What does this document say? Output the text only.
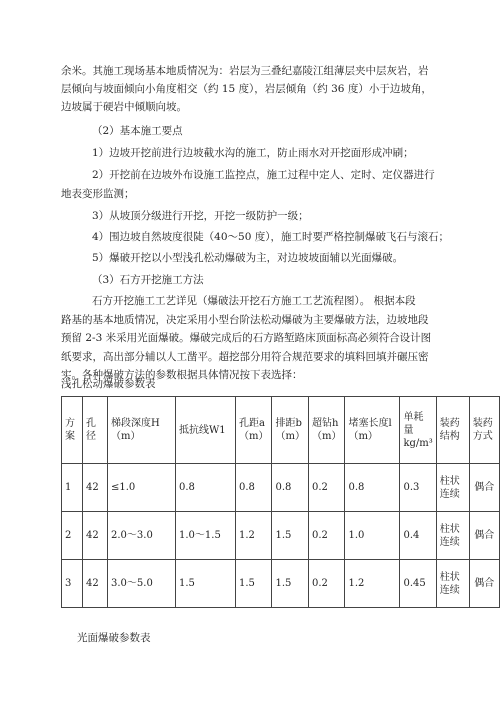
余米。其施工现场基本地质情况为：岩层为三叠纪嘉陵江组薄层夹中层灰岩，岩
层倾向与坡面倾向小角度相交（约 15 度），岩层倾角（约 36 度）小于边坡角，
边坡属于硬岩中倾顺向坡。
（2）基本施工要点
1）边坡开挖前进行边坡截水沟的施工，防止雨水对开挖面形成冲刷；
2）开挖前在边坡外布设施工监控点，施工过程中定人、定时、定仪器进行
地表变形监测；
3）从坡顶分级进行开挖，开挖一级防护一级；
4）围边坡自然坡度很陡（40～50 度），施工时要严格控制爆破飞石与滚石；
5）爆破开挖以小型浅孔松动爆破为主，对边坡坡面辅以光面爆破。
（3）石方开挖施工方法
石方开挖施工工艺详见（爆破法开挖石方施工工艺流程图）。 根据本段
路基的基本地质情况，决定采用小型台阶法松动爆破为主要爆破方法，边坡地段
预留 2-3 米采用光面爆破。爆破完成后的石方路堑路床顶面标高必须符合设计图
纸要求，高出部分辅以人工凿平。超挖部分用符合规范要求的填料回填并碾压密
实。各种爆破方法的参数根据具体情况按下表选择：
浅孔松动爆破参数表
方案	孔径	梯段深度H（m）	抵抗线W1	孔距a（m）	排距b（m）	超钻h（m）	堵塞长度l（m）	单耗量kg/m³	装药结构	装药方式
1	42	≤1.0	0.8	0.8	0.8	0.2	0.8	0.3	柱状连续	偶合
2	42	2.0～3.0	1.0～1.5	1.2	1.5	0.2	1.0	0.4	柱状连续	偶合
3	42	3.0～5.0	1.5	1.5	1.5	0.2	1.2	0.45	柱状连续	偶合
光面爆破参数表
